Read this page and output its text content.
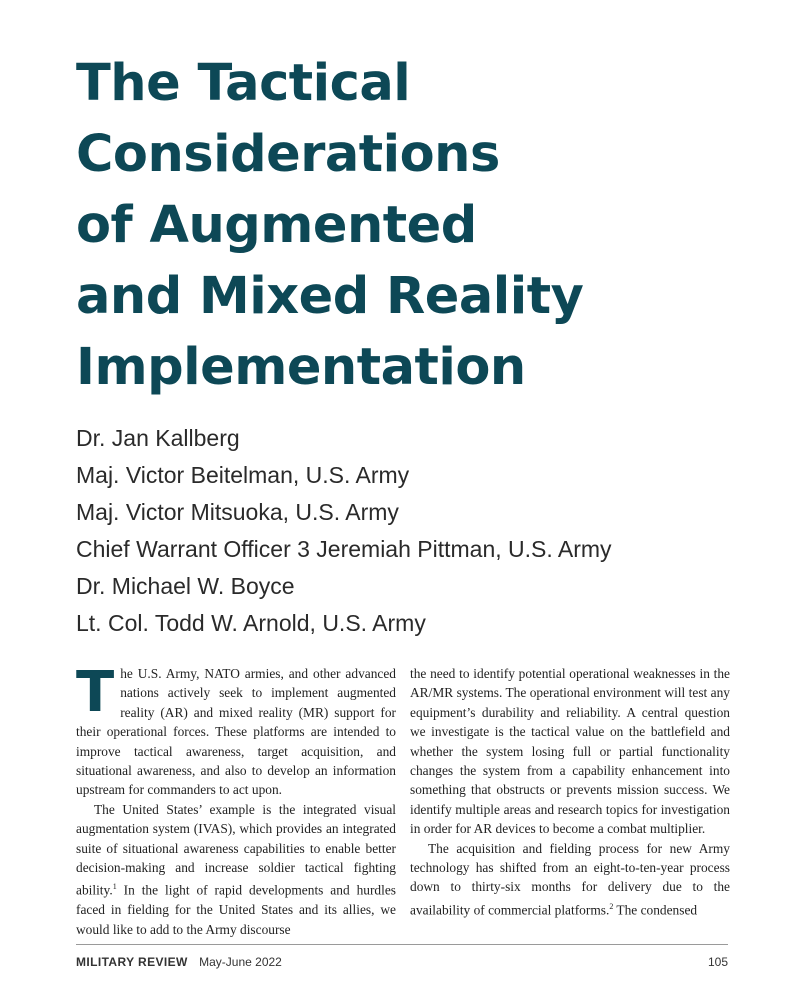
The Tactical
Considerations
of Augmented
and Mixed Reality
Implementation
Dr. Jan Kallberg
Maj. Victor Beitelman, U.S. Army
Maj. Victor Mitsuoka, U.S. Army
Chief Warrant Officer 3 Jeremiah Pittman, U.S. Army
Dr. Michael W. Boyce
Lt. Col. Todd W. Arnold, U.S. Army

The U.S. Army, NATO armies, and other advanced nations actively seek to implement augmented reality (AR) and mixed reality (MR) support for their operational forces. These platforms are intended to improve tactical awareness, target acquisition, and situational awareness, and also to develop an information upstream for commanders to act upon.

The United States’ example is the integrated visual augmentation system (IVAS), which provides an integrated suite of situational awareness capabilities to enable better decision-making and increase soldier tactical fighting ability.$^1$ In the light of rapid developments and hurdles faced in fielding for the United States and its allies, we would like to add to the Army discourse

the need to identify potential operational weaknesses in the AR/MR systems. The operational environment will test any equipment’s durability and reliability. A central question we investigate is the tactical value on the battlefield and whether the system losing full or partial functionality changes the system from a capability enhancement into something that obstructs or prevents mission success. We identify multiple areas and research topics for investigation in order for AR devices to become a combat multiplier.

The acquisition and fielding process for new Army technology has shifted from an eight-to-ten-year process down to thirty-six months for delivery due to the availability of commercial platforms.$^2$ The condensed

MILITARY REVIEW May-June 2022	105
